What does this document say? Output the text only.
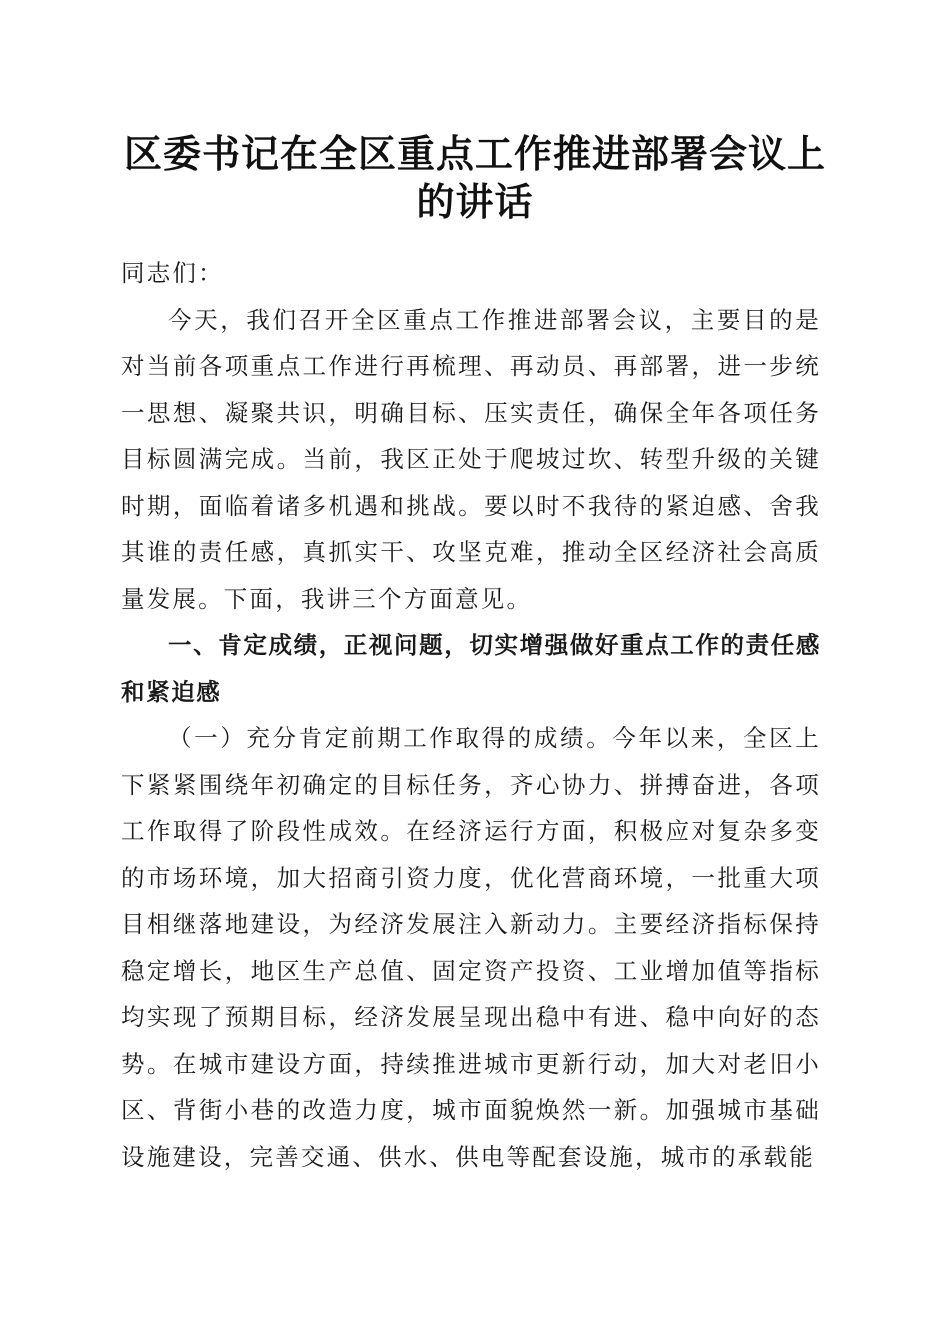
区委书记在全区重点工作推进部署会议上的讲话

同志们：

今天，我们召开全区重点工作推进部署会议，主要目的是对当前各项重点工作进行再梳理、再动员、再部署，进一步统一思想、凝聚共识，明确目标、压实责任，确保全年各项任务目标圆满完成。当前，我区正处于爬坡过坎、转型升级的关键时期，面临着诸多机遇和挑战。要以时不我待的紧迫感、舍我其谁的责任感，真抓实干、攻坚克难，推动全区经济社会高质量发展。下面，我讲三个方面意见。

一、肯定成绩，正视问题，切实增强做好重点工作的责任感和紧迫感

（一）充分肯定前期工作取得的成绩。今年以来，全区上下紧紧围绕年初确定的目标任务，齐心协力、拼搏奋进，各项工作取得了阶段性成效。在经济运行方面，积极应对复杂多变的市场环境，加大招商引资力度，优化营商环境，一批重大项目相继落地建设，为经济发展注入新动力。主要经济指标保持稳定增长，地区生产总值、固定资产投资、工业增加值等指标均实现了预期目标，经济发展呈现出稳中有进、稳中向好的态势。在城市建设方面，持续推进城市更新行动，加大对老旧小区、背街小巷的改造力度，城市面貌焕然一新。加强城市基础设施建设，完善交通、供水、供电等配套设施，城市的承载能
